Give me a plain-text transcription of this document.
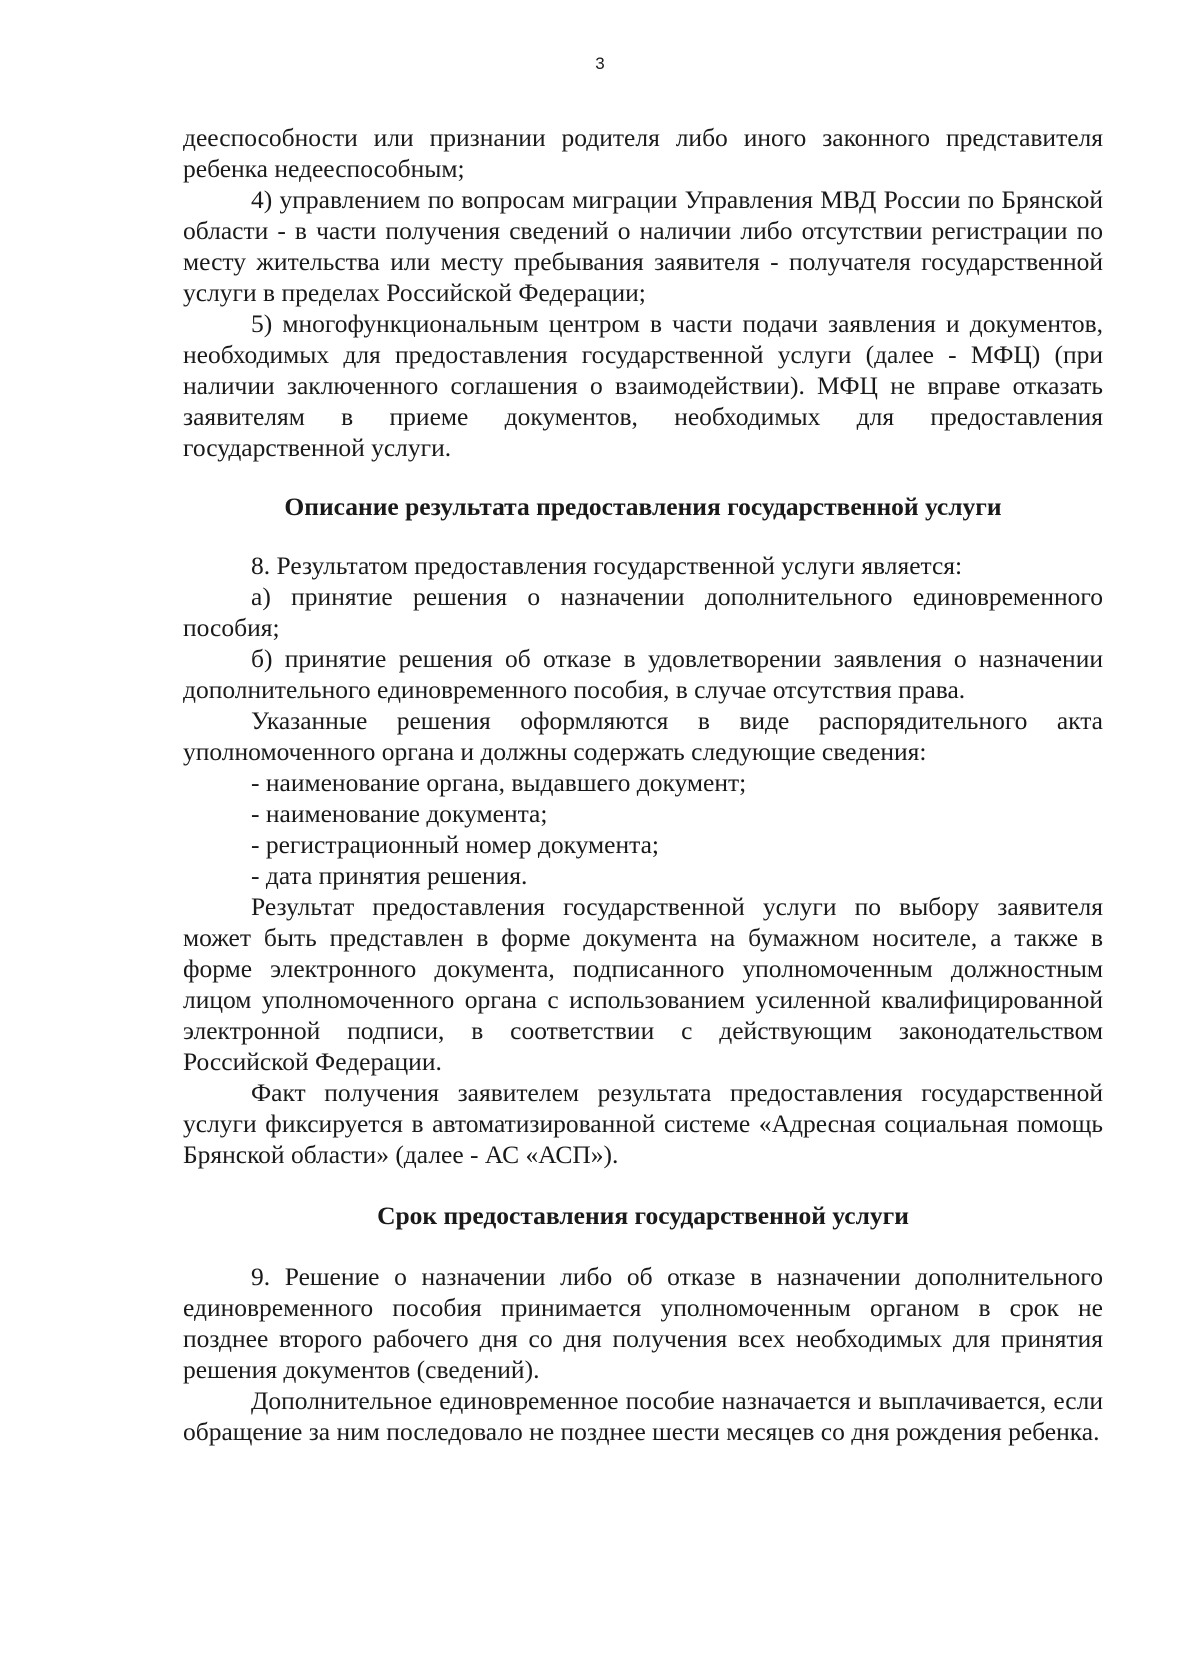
3

дееспособности или признании родителя либо иного законного представителя ребенка недееспособным;

4) управлением по вопросам миграции Управления МВД России по Брянской области - в части получения сведений о наличии либо отсутствии регистрации по месту жительства или месту пребывания заявителя - получателя государственной услуги в пределах Российской Федерации;

5) многофункциональным центром в части подачи заявления и документов, необходимых для предоставления государственной услуги (далее - МФЦ) (при наличии заключенного соглашения о взаимодействии). МФЦ не вправе отказать заявителям в приеме документов, необходимых для предоставления государственной услуги.

Описание результата предоставления государственной услуги

8. Результатом предоставления государственной услуги является:

а) принятие решения о назначении дополнительного единовременного пособия;

б) принятие решения об отказе в удовлетворении заявления о назначении дополнительного единовременного пособия, в случае отсутствия права.

Указанные решения оформляются в виде распорядительного акта уполномоченного органа и должны содержать следующие сведения:

- наименование органа, выдавшего документ;

- наименование документа;

- регистрационный номер документа;

- дата принятия решения.

Результат предоставления государственной услуги по выбору заявителя может быть представлен в форме документа на бумажном носителе, а также в форме электронного документа, подписанного уполномоченным должностным лицом уполномоченного органа с использованием усиленной квалифицированной электронной подписи, в соответствии с действующим законодательством Российской Федерации.

Факт получения заявителем результата предоставления государственной услуги фиксируется в автоматизированной системе «Адресная социальная помощь Брянской области» (далее - АС «АСП»).

Срок предоставления государственной услуги

9. Решение о назначении либо об отказе в назначении дополнительного единовременного пособия принимается уполномоченным органом в срок не позднее второго рабочего дня со дня получения всех необходимых для принятия решения документов (сведений).

Дополнительное единовременное пособие назначается и выплачивается, если обращение за ним последовало не позднее шести месяцев со дня рождения ребенка.
